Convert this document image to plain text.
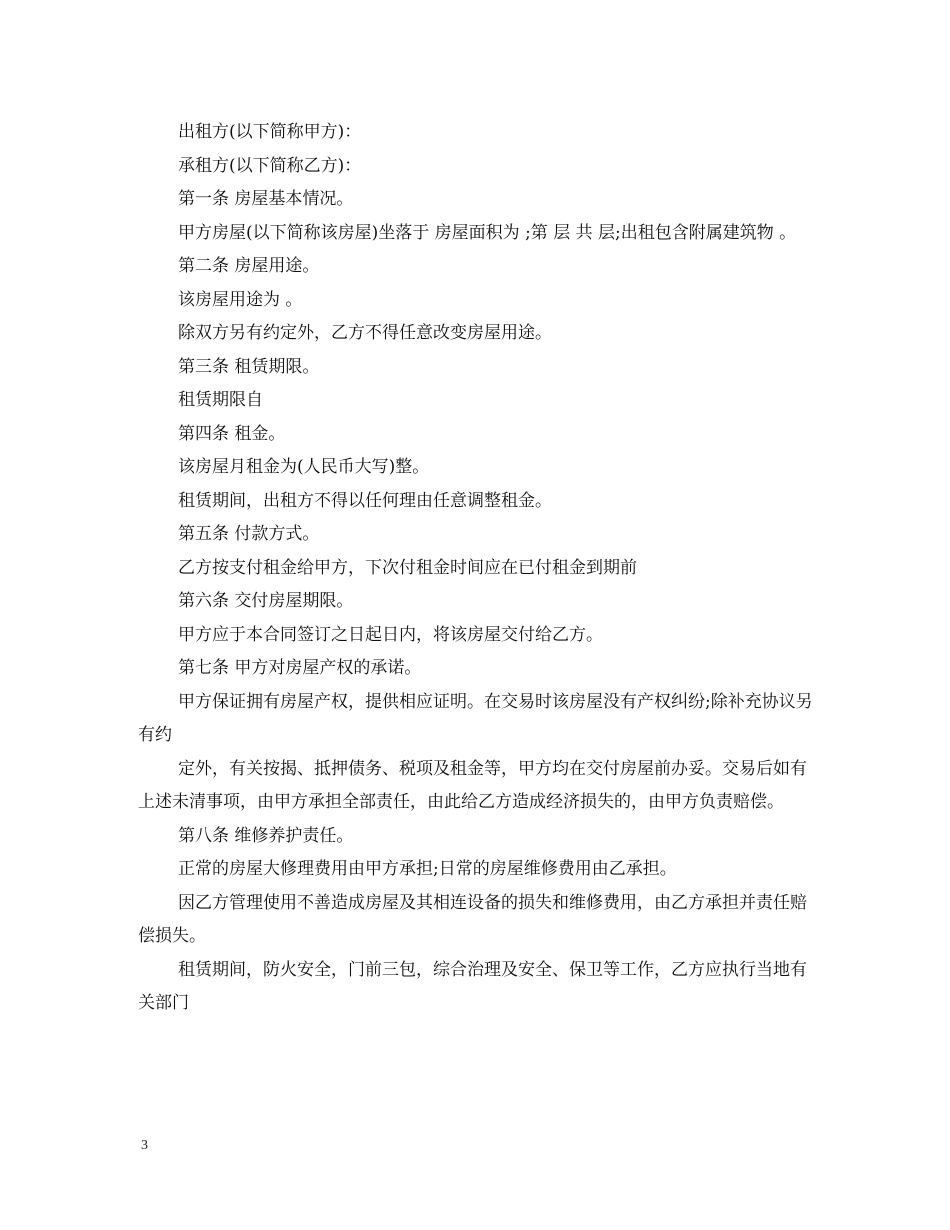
出租方(以下简称甲方)：

承租方(以下简称乙方)：

第一条 房屋基本情况。

甲方房屋(以下简称该房屋)坐落于 房屋面积为 ;第 层 共 层;出租包含附属建筑物 。

第二条 房屋用途。

该房屋用途为 。

除双方另有约定外，乙方不得任意改变房屋用途。

第三条 租赁期限。

租赁期限自

第四条 租金。

该房屋月租金为(人民币大写)整。

租赁期间，出租方不得以任何理由任意调整租金。

第五条 付款方式。

乙方按支付租金给甲方，下次付租金时间应在已付租金到期前

第六条 交付房屋期限。

甲方应于本合同签订之日起日内，将该房屋交付给乙方。

第七条 甲方对房屋产权的承诺。

甲方保证拥有房屋产权，提供相应证明。在交易时该房屋没有产权纠纷;除补充协议另有约

定外，有关按揭、抵押债务、税项及租金等，甲方均在交付房屋前办妥。交易后如有上述未清事项，由甲方承担全部责任，由此给乙方造成经济损失的，由甲方负责赔偿。

第八条 维修养护责任。

正常的房屋大修理费用由甲方承担;日常的房屋维修费用由乙承担。

因乙方管理使用不善造成房屋及其相连设备的损失和维修费用，由乙方承担并责任赔偿损失。

租赁期间，防火安全，门前三包，综合治理及安全、保卫等工作，乙方应执行当地有关部门

3
